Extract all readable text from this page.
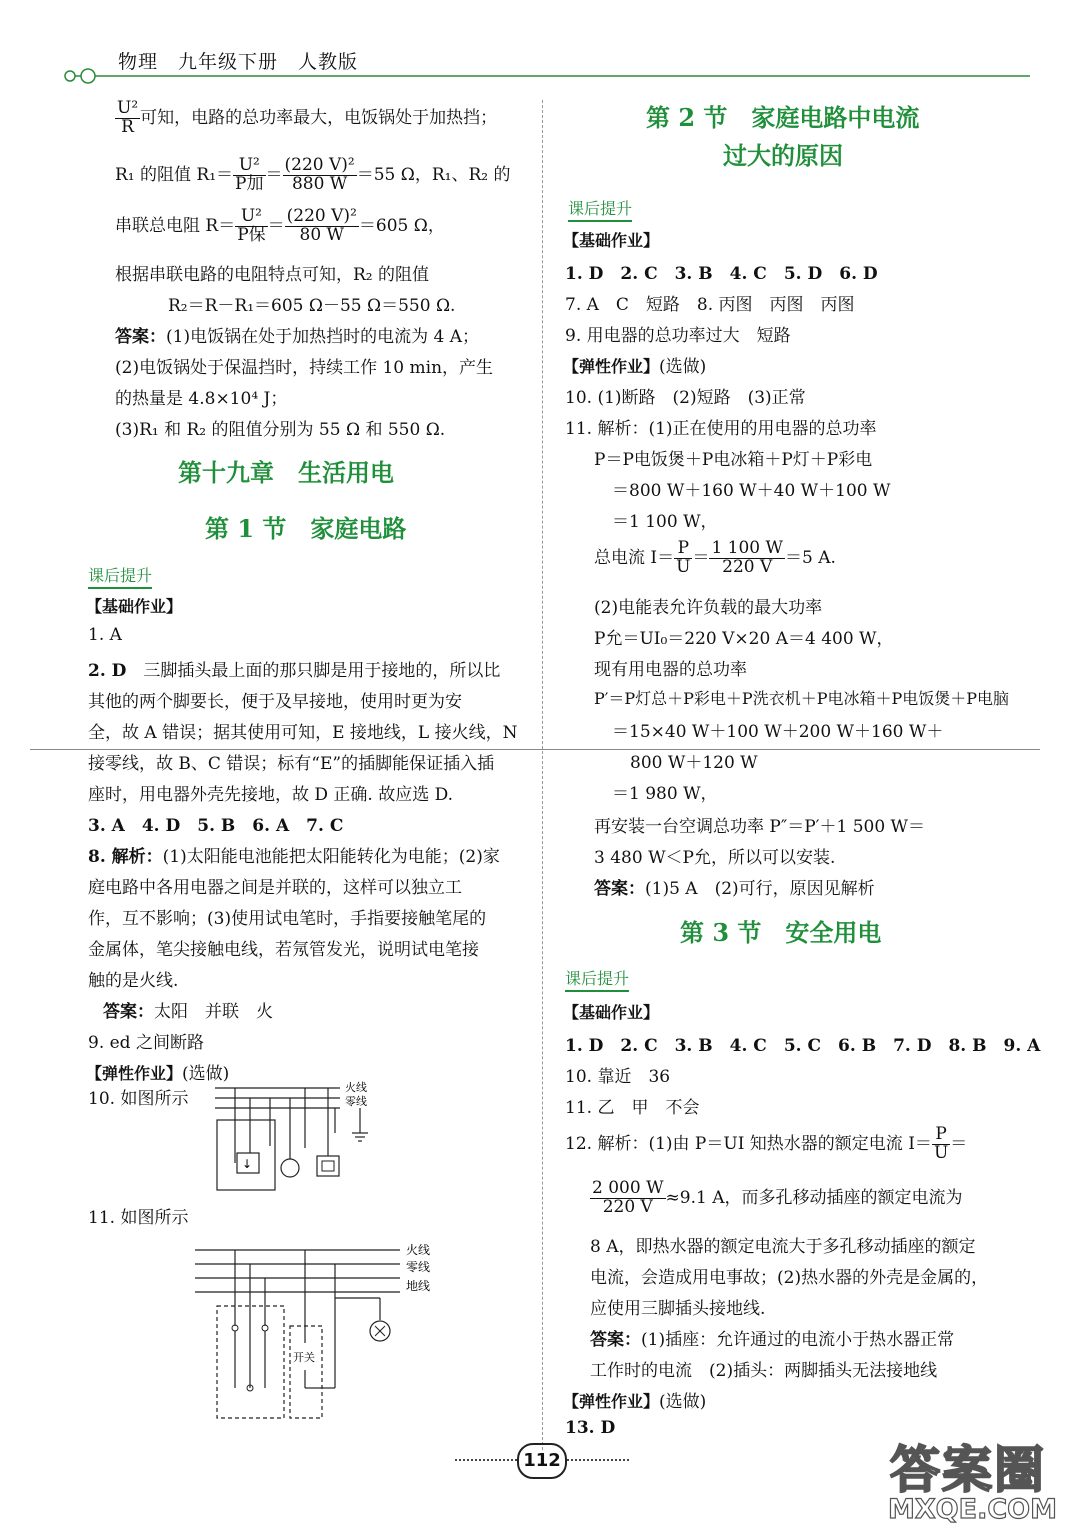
物理　九年级下册　人教版
$\frac{\text{U²}}{R}$ 可知，电路的总功率最大，电饭锅处于加热挡；
R₁ 的阻值 $R_1= \frac{\text{U²}}{\text{P加}} = \frac{\text{(220 V)²}}{880 W} =55$ Ω，R₁、R₂ 的
串联总电阻 $R= \frac{\text{U²}}{\text{P保}} = \frac{\text{(220 V)²}}{80 W} =605$ Ω，
根据串联电路的电阻特点可知，R₂ 的阻值
R₂＝R－R₁＝605 Ω－55 Ω＝550 Ω.
答案：(1)电饭锅在处于加热挡时的电流为 4 A；
(2)电饭锅处于保温挡时，持续工作 10 min，产生
的热量是 4.8×10⁴ J；
(3)R₁ 和 R₂ 的阻值分别为 55 Ω 和 550 Ω.
第十九章　生活用电
第 1 节　家庭电路
课后提升
【基础作业】
1. A
2. D　 三脚插头最上面的那只脚是用于接地的，所以比
其他的两个脚要长，便于及早接地，使用时更为安
全，故 A 错误；据其使用可知，E 接地线，L 接火线，N
接零线，故 B、C 错误；标有“E”的插脚能保证插入插
座时，用电器外壳先接地，故 D 正确. 故应选 D.
3. A　4. D　5. B　6. A　7. C
8. 解析：(1)太阳能电池能把太阳能转化为电能；(2)家
庭电路中各用电器之间是并联的，这样可以独立工
作，互不影响；(3)使用试电笔时，手指要接触笔尾的
金属体，笔尖接触电线，若氖管发光，说明试电笔接
触的是火线.
答案：太阳　并联　火
9. ed 之间断路
【弹性作业】(选做)
10. 如图所示
火线
零线
↓
11. 如图所示
火线
零线
地线
开关
第 2 节　家庭电路中电流
过大的原因
课后提升
【基础作业】
1. D　2. C　3. B　4. C　5. D　6. D
7. A　C　短路　8. 丙图　丙图　丙图
9. 用电器的总功率过大　短路
【弹性作业】(选做)
10. (1)断路　(2)短路　(3)正常
11. 解析：(1)正在使用的用电器的总功率
P＝P电饭煲＋P电冰箱＋P灯＋P彩电
＝800 W＋160 W＋40 W＋100 W
＝1 100 W，
总电流 $I= \frac{P}{U} = \frac{1 100 W}{220 V} =5$ A.
(2)电能表允许负载的最大功率
P允＝UI₀＝220 V×20 A＝4 400 W，
现有用电器的总功率
P′＝P灯总＋P彩电＋P洗衣机＋P电冰箱＋P电饭煲＋P电脑
＝15×40 W＋100 W＋200 W＋160 W＋
800 W＋120 W
＝1 980 W，
再安装一台空调总功率 P″＝P′＋1 500 W＝
3 480 W＜P允，所以可以安装.
答案：(1)5 A　(2)可行，原因见解析
第 3 节　安全用电
课后提升
【基础作业】
1. D　2. C　3. B　4. C　5. C　6. B　7. D　8. B　9. A
10. 靠近　36
11. 乙　甲　不会
12. 解析：(1)由 P＝UI 知热水器的额定电流 $I= \frac{P}{U}$ ＝
$\frac{2 000 W}{220 V} \approx 9.1$ A，而多孔移动插座的额定电流为
8 A，即热水器的额定电流大于多孔移动插座的额定
电流，会造成用电事故；(2)热水器的外壳是金属的，
应使用三脚插头接地线.
答案：(1)插座：允许通过的电流小于热水器正常
工作时的电流　(2)插头：两脚插头无法接地线
【弹性作业】(选做)
13. D
112	答案圈
MXQE.COM
